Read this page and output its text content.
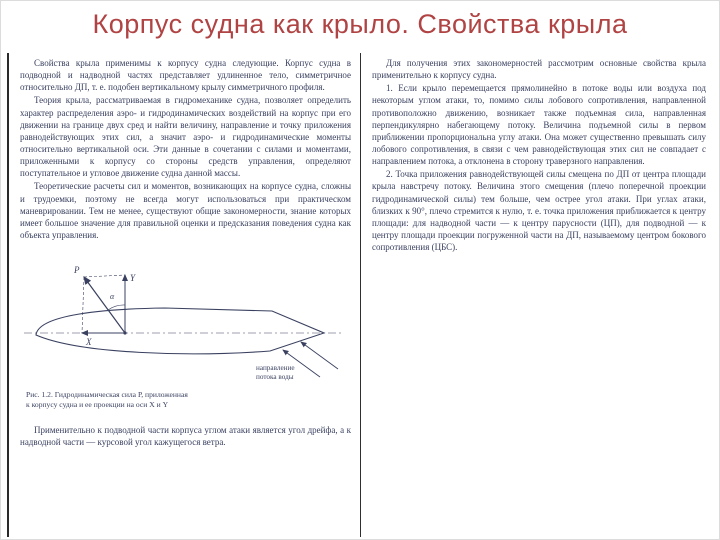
Корпус судна как крыло. Свойства крыла

Свойства крыла применимы к корпусу судна следующие. Корпус судна в подводной и надводной частях представляет удлиненное тело, симметричное относительно ДП, т. е. подобен вертикальному крылу симметричного профиля.

Теория крыла, рассматриваемая в гидромеханике судна, позволяет определить характер распределения аэро- и гидродинамических воздействий на корпус при его движении на границе двух сред и найти величину, направление и точку приложения равнодействующих этих сил, а значит аэро- и гидродинамические моменты относительно вертикальной оси. Эти данные в сочетании с силами и моментами, приложенными к корпусу со стороны средств управления, определяют поступательное и угловое движение судна данной массы.

Теоретические расчеты сил и моментов, возникающих на корпусе судна, сложны и трудоемки, поэтому не всегда могут использоваться при практическом маневрировании. Тем не менее, существуют общие закономерности, знание которых имеет большое значение для правильной оценки и предсказания поведения судна как объекта управления.

Р
Y
X
α
направление
потока воды
Рис. 1.2. Гидродинамическая сила Р, приложенная
к корпусу судна и ее проекции на оси X и Y

Применительно к подводной части корпуса углом атаки является угол дрейфа, а к надводной части — курсовой угол кажущегося ветра.

Для получения этих закономерностей рассмотрим основные свойства крыла применительно к корпусу судна.

1. Если крыло перемещается прямолинейно в потоке воды или воздуха под некоторым углом атаки, то, помимо силы лобового сопротивления, направленной противоположно движению, возникает также подъемная сила, направленная перпендикулярно набегающему потоку. Величина подъемной силы в первом приближении пропорциональна углу атаки. Она может существенно превышать силу лобового сопротивления, в связи с чем равнодействующая этих сил не совпадает с направлением потока, а отклонена в сторону траверзного направления.

2. Точка приложения равнодействующей силы смещена по ДП от центра площади крыла навстречу потоку. Величина этого смещения (плечо поперечной проекции гидродинамической силы) тем больше, чем острее угол атаки. При углах атаки, близких к 90°, плечо стремится к нулю, т. е. точка приложения приближается к центру площади: для надводной части — к центру парусности (ЦП), для подводной — к центру площади проекции погруженной части на ДП, называемому центром бокового сопротивления (ЦБС).
